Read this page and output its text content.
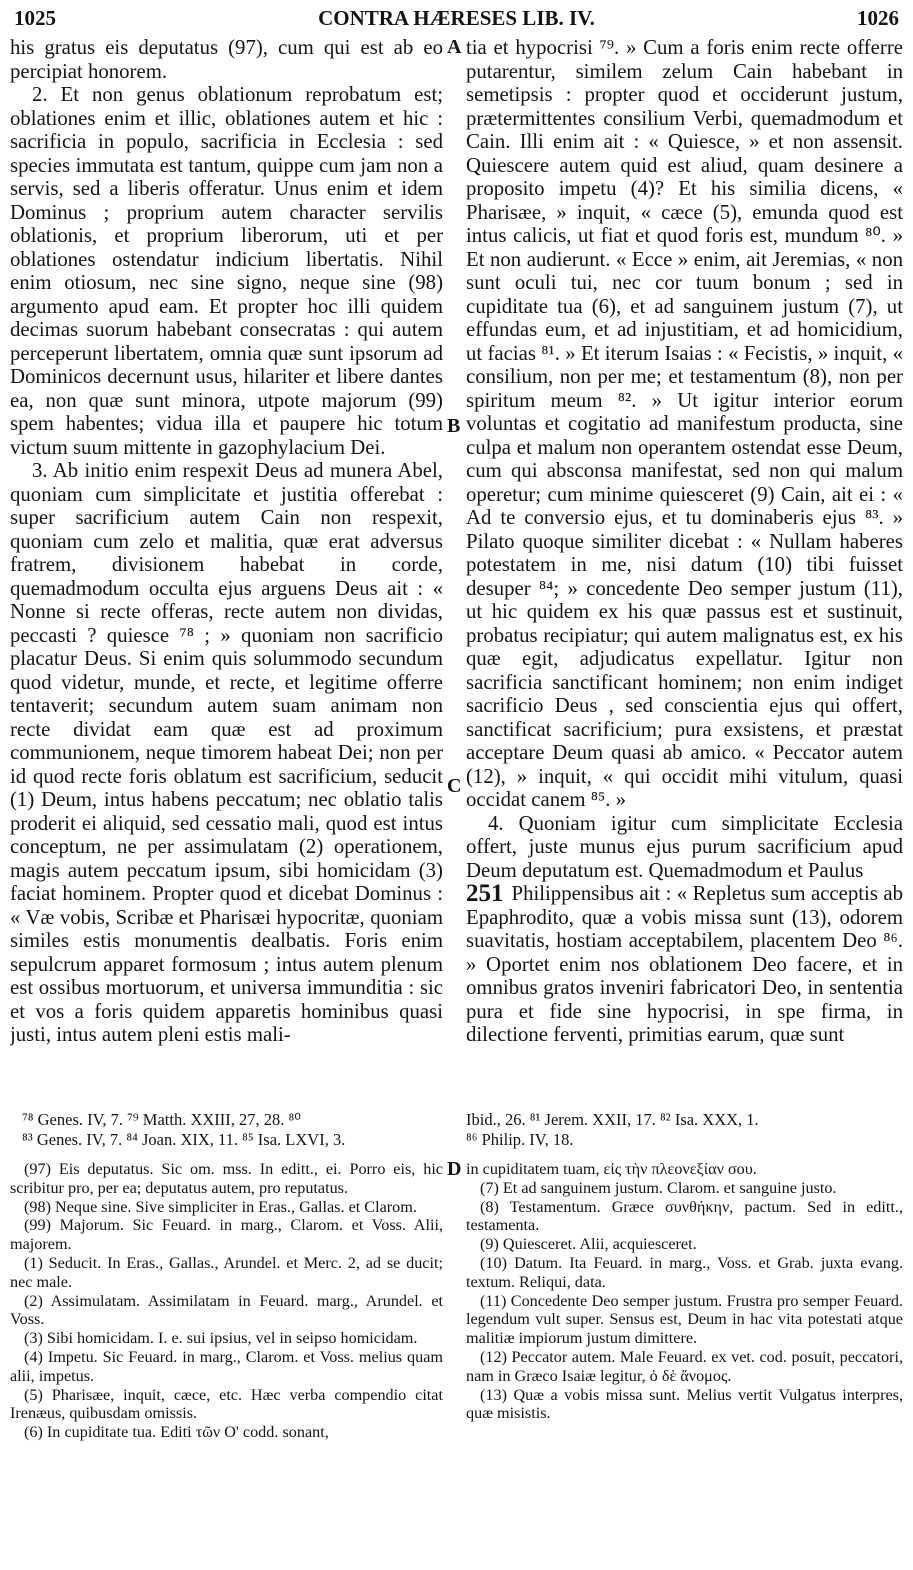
CONTRA HÆRESES LIB. IV.
1025	1026

his gratus eis deputatus (97), cum qui est ab eo percipiat honorem.

2. Et non genus oblationum reprobatum est; oblationes enim et illic, oblationes autem et hic : sacrificia in populo, sacrificia in Ecclesia : sed species immutata est tantum, quippe cum jam non a servis, sed a liberis offeratur. Unus enim et idem Dominus ; proprium autem character servilis oblationis, et proprium liberorum, uti et per oblationes ostendatur indicium libertatis. Nihil enim otiosum, nec sine signo, neque sine (98) argumento apud eam. Et propter hoc illi quidem decimas suorum habebant consecratas : qui autem perceperunt libertatem, omnia quæ sunt ipsorum ad Dominicos decernunt usus, hilariter et libere dantes ea, non quæ sunt minora, utpote majorum (99) spem habentes; vidua illa et paupere hic totum victum suum mittente in gazophylacium Dei.

3. Ab initio enim respexit Deus ad munera Abel, quoniam cum simplicitate et justitia offerebat : super sacrificium autem Cain non respexit, quoniam cum zelo et malitia, quæ erat adversus fratrem, divisionem habebat in corde, quemadmodum occulta ejus arguens Deus ait : « Nonne si recte offeras, recte autem non dividas, peccasti ? quiesce ⁷⁸ ; » quoniam non sacrificio placatur Deus. Si enim quis solummodo secundum quod videtur, munde, et recte, et legitime offerre tentaverit; secundum autem suam animam non recte dividat eam quæ est ad proximum communionem, neque timorem habeat Dei; non per id quod recte foris oblatum est sacrificium, seducit (1) Deum, intus habens peccatum; nec oblatio talis proderit ei aliquid, sed cessatio mali, quod est intus conceptum, ne per assimulatam (2) operationem, magis autem peccatum ipsum, sibi homicidam (3) faciat hominem. Propter quod et dicebat Dominus : « Væ vobis, Scribæ et Pharisæi hypocritæ, quoniam similes estis monumentis dealbatis. Foris enim sepulcrum apparet formosum ; intus autem plenum est ossibus mortuorum, et universa immunditia : sic et vos a foris quidem apparetis hominibus quasi justi, intus autem pleni estis mali-

A
B
C
D

tia et hypocrisi ⁷⁹. » Cum a foris enim recte offerre putarentur, similem zelum Cain habebant in semetipsis : propter quod et occiderunt justum, prætermittentes consilium Verbi, quemadmodum et Cain. Illi enim ait : « Quiesce, » et non assensit. Quiescere autem quid est aliud, quam desinere a proposito impetu (4)? Et his similia dicens, « Pharisæe, » inquit, « cæce (5), emunda quod est intus calicis, ut fiat et quod foris est, mundum ⁸⁰. » Et non audierunt. « Ecce » enim, ait Jeremias, « non sunt oculi tui, nec cor tuum bonum ; sed in cupiditate tua (6), et ad sanguinem justum (7), ut effundas eum, et ad injustitiam, et ad homicidium, ut facias ⁸¹. » Et iterum Isaias : « Fecistis, » inquit, « consilium, non per me; et testamentum (8), non per spiritum meum ⁸². » Ut igitur interior eorum voluntas et cogitatio ad manifestum producta, sine culpa et malum non operantem ostendat esse Deum, cum qui absconsa manifestat, sed non qui malum operetur; cum minime quiesceret (9) Cain, ait ei : « Ad te conversio ejus, et tu dominaberis ejus ⁸³. » Pilato quoque similiter dicebat : « Nullam haberes potestatem in me, nisi datum (10) tibi fuisset desuper ⁸⁴; » concedente Deo semper justum (11), ut hic quidem ex his quæ passus est et sustinuit, probatus recipiatur; qui autem malignatus est, ex his quæ egit, adjudicatus expellatur. Igitur non sacrificia sanctificant hominem; non enim indiget sacrificio Deus , sed conscientia ejus qui offert, sanctificat sacrificium; pura exsistens, et præstat acceptare Deum quasi ab amico. « Peccator autem (12), » inquit, « qui occidit mihi vitulum, quasi occidat canem ⁸⁵. »

4. Quoniam igitur cum simplicitate Ecclesia offert, juste munus ejus purum sacrificium apud Deum deputatum est. Quemadmodum et Paulus

251 Philippensibus ait : « Repletus sum acceptis ab Epaphrodito, quæ a vobis missa sunt (13), odorem suavitatis, hostiam acceptabilem, placentem Deo ⁸⁶. » Oportet enim nos oblationem Deo facere, et in omnibus gratos inveniri fabricatori Deo, in sententia pura et fide sine hypocrisi, in spe firma, in dilectione ferventi, primitias earum, quæ sunt

⁷⁸ Genes. IV, 7. ⁷⁹ Matth. XXIII, 27, 28. ⁸⁰

⁸³ Genes. IV, 7. ⁸⁴ Joan. XIX, 11. ⁸⁵ Isa. LXVI, 3.

Ibid., 26. ⁸¹ Jerem. XXII, 17. ⁸² Isa. XXX, 1.

⁸⁶ Philip. IV, 18.

(97) Eis deputatus. Sic om. mss. In editt., ei. Porro eis, hic scribitur pro, per ea; deputatus autem, pro reputatus.

(98) Neque sine. Sive simpliciter in Eras., Gallas. et Clarom.

(99) Majorum. Sic Feuard. in marg., Clarom. et Voss. Alii, majorem.

(1) Seducit. In Eras., Gallas., Arundel. et Merc. 2, ad se ducit; nec male.

(2) Assimulatam. Assimilatam in Feuard. marg., Arundel. et Voss.

(3) Sibi homicidam. I. e. sui ipsius, vel in seipso homicidam.

(4) Impetu. Sic Feuard. in marg., Clarom. et Voss. melius quam alii, impetus.

(5) Pharisæe, inquit, cæce, etc. Hæc verba compendio citat Irenæus, quibusdam omissis.

(6) In cupiditate tua. Editi τῶν Ο' codd. sonant,

in cupiditatem tuam, εἰς τὴν πλεονεξίαν σου.

(7) Et ad sanguinem justum. Clarom. et sanguine justo.

(8) Testamentum. Græce συνθήκην, pactum. Sed in editt., testamenta.

(9) Quiesceret. Alii, acquiesceret.

(10) Datum. Ita Feuard. in marg., Voss. et Grab. juxta evang. textum. Reliqui, data.

(11) Concedente Deo semper justum. Frustra pro semper Feuard. legendum vult super. Sensus est, Deum in hac vita potestati atque malitiæ impiorum justum dimittere.

(12) Peccator autem. Male Feuard. ex vet. cod. posuit, peccatori, nam in Græco Isaiæ legitur, ὁ δὲ ἄνομος.

(13) Quæ a vobis missa sunt. Melius vertit Vulgatus interpres, quæ misistis.
